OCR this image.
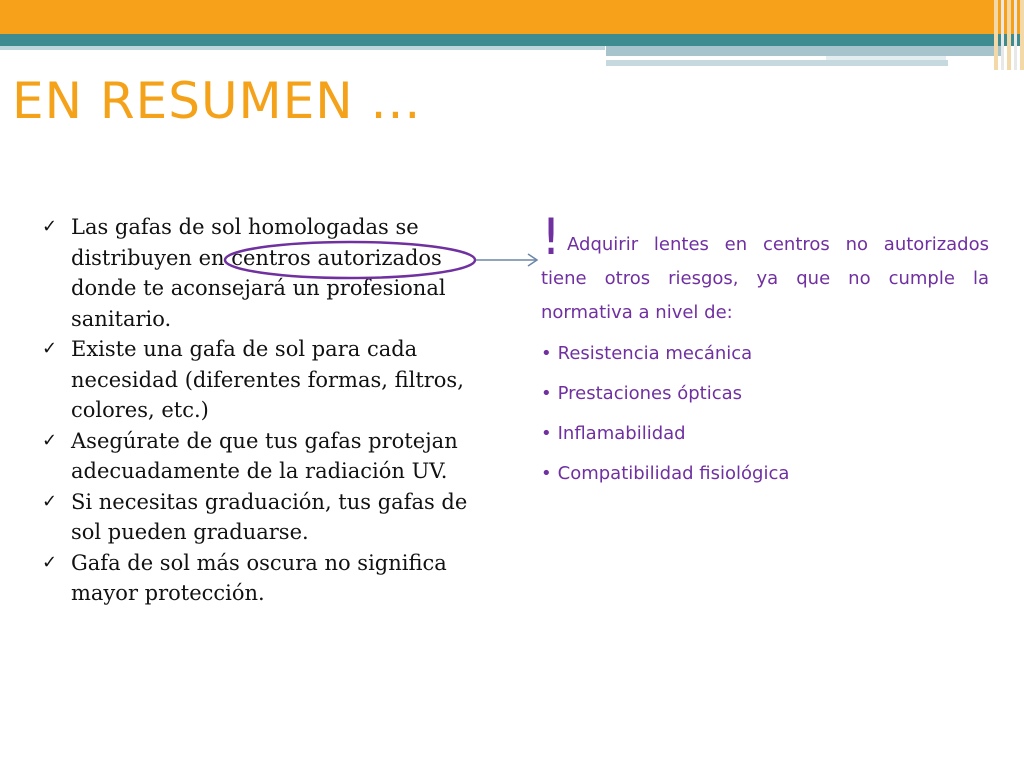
EN RESUMEN ...
✓ Las gafas de sol homologadas se distribuyen en centros autorizados donde te aconsejará un profesional sanitario.
✓ Existe una gafa de sol para cada necesidad (diferentes formas, filtros, colores, etc.)
✓ Asegúrate de que tus gafas protejan adecuadamente de la radiación UV.
✓ Si necesitas graduación, tus gafas de sol pueden graduarse.
✓ Gafa de sol más oscura no significa mayor protección.

! Adquirir lentes en centros no autorizados tiene otros riesgos, ya que no cumple la normativa a nivel de:

• Resistencia mecánica
• Prestaciones ópticas
• Inflamabilidad
• Compatibilidad fisiológica
